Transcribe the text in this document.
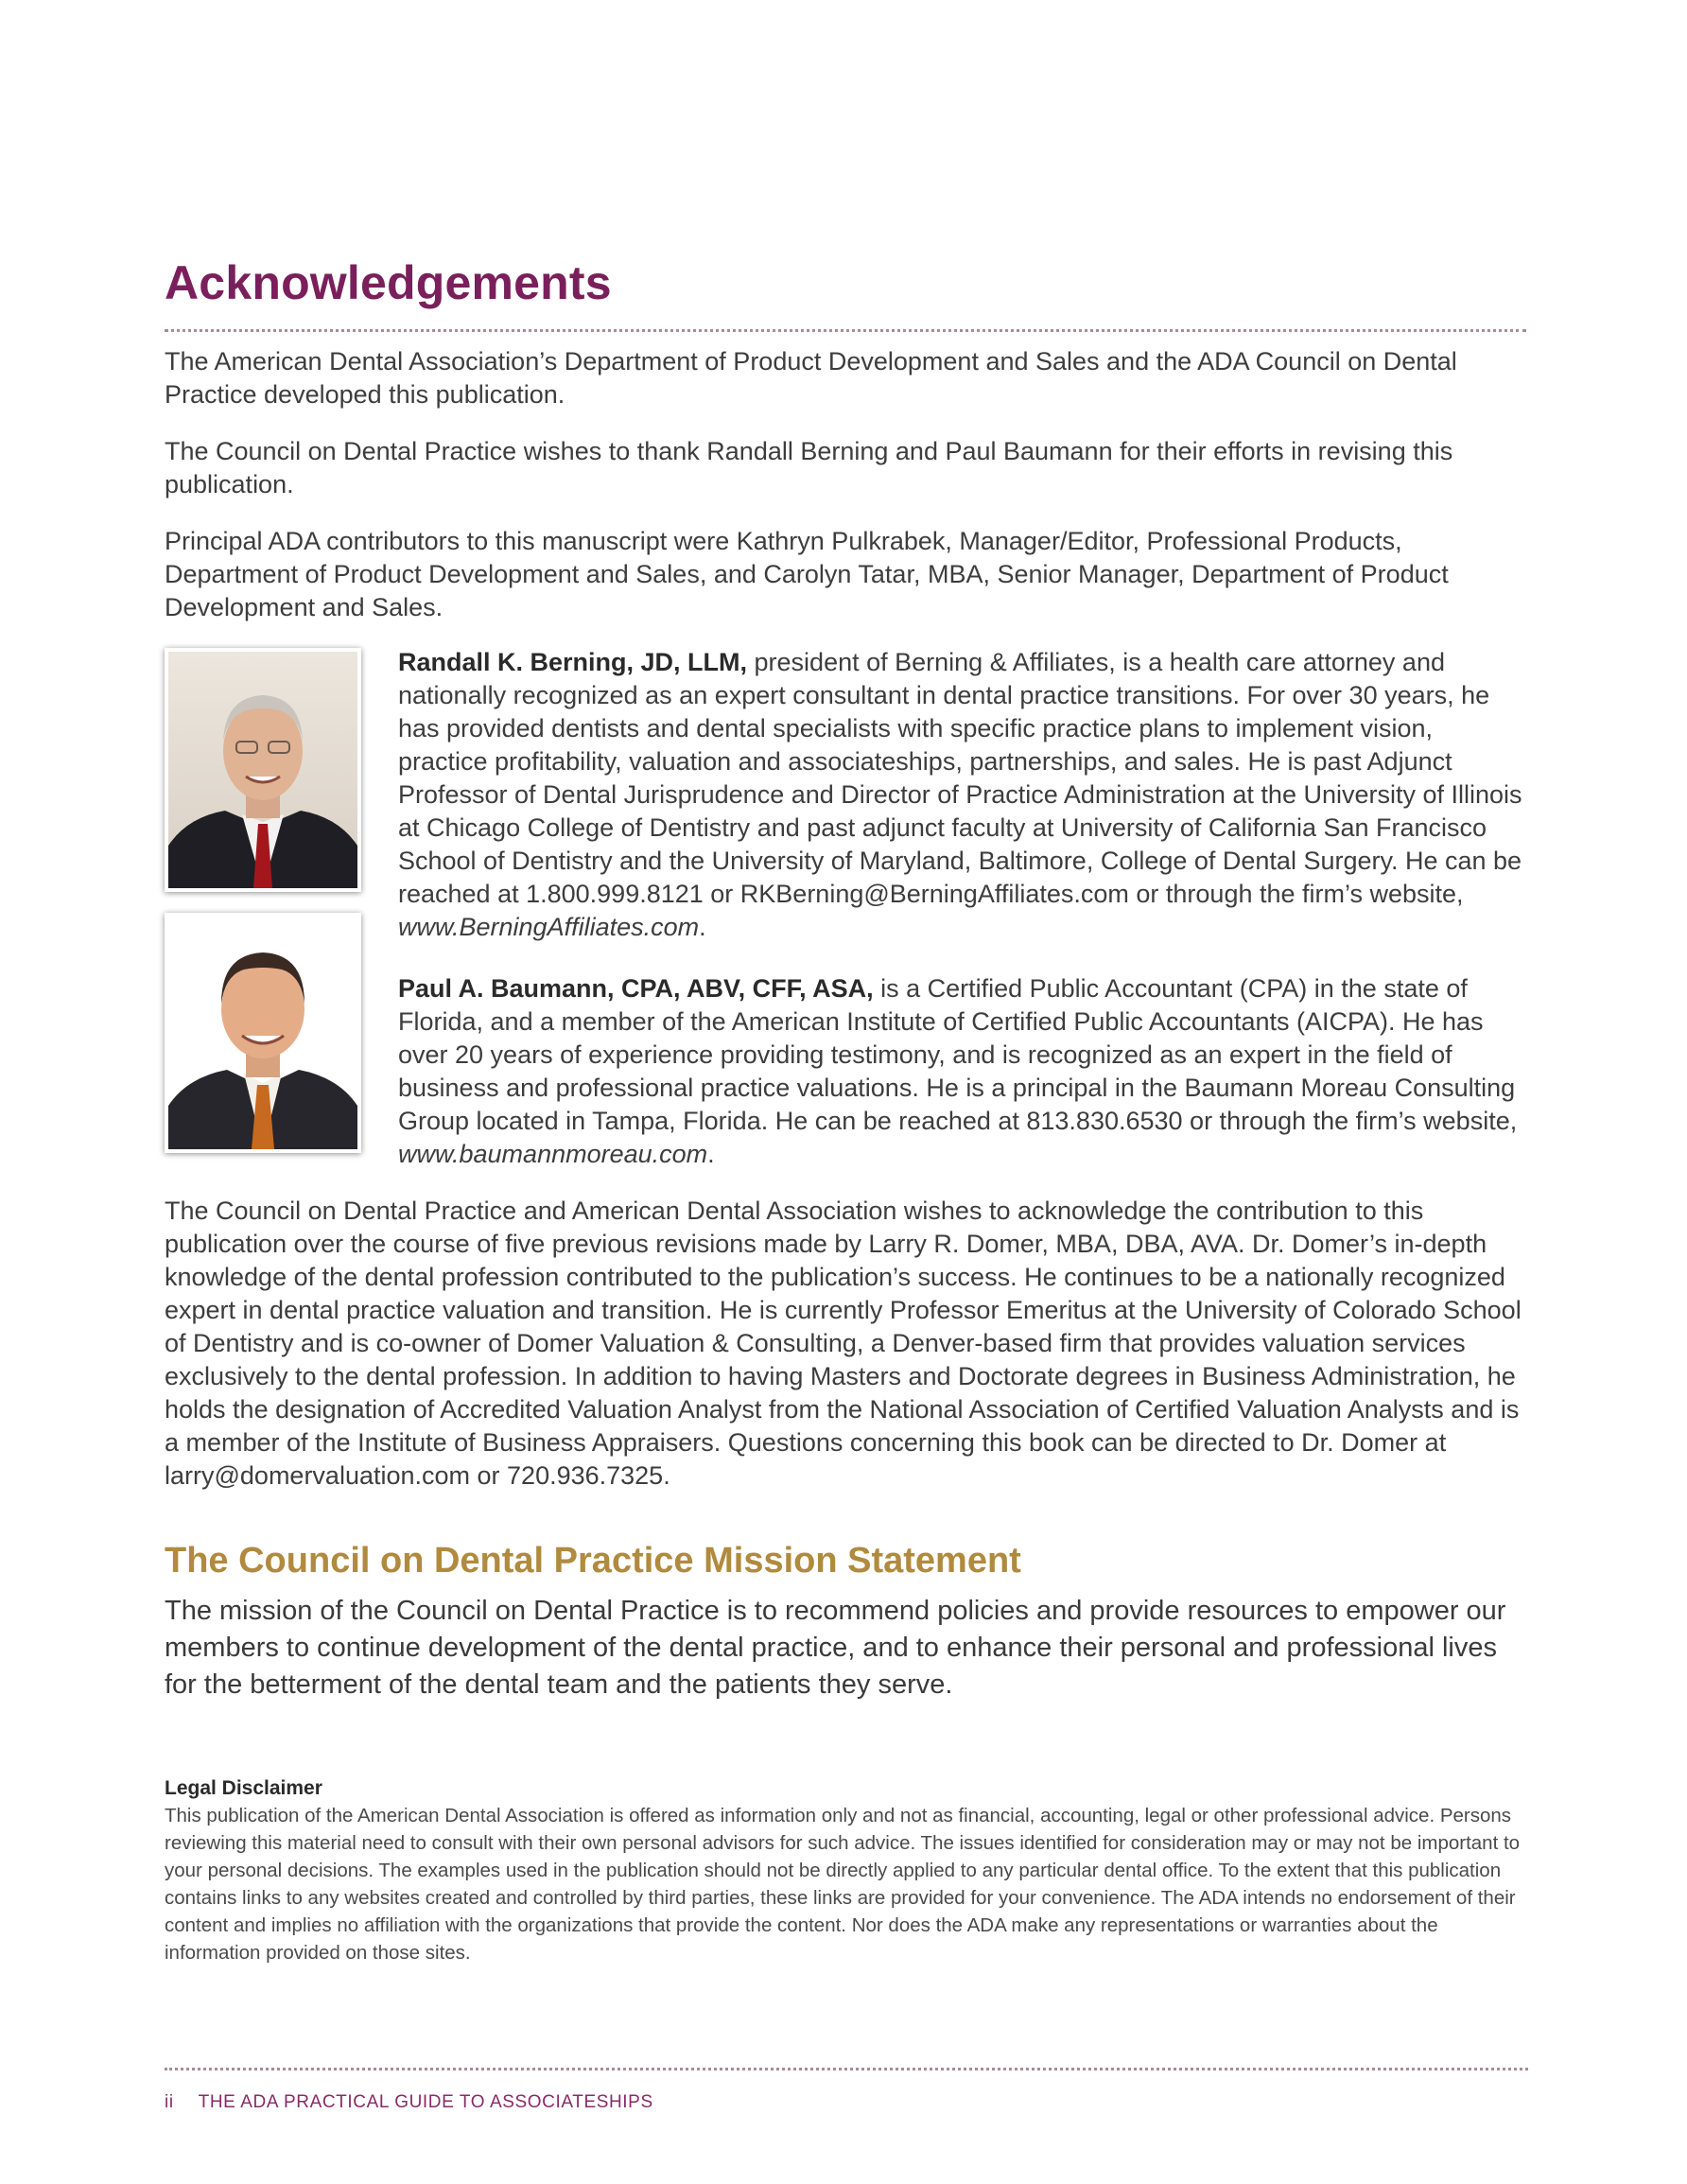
Acknowledgements

The American Dental Association’s Department of Product Development and Sales and the ADA Council on Dental Practice developed this publication.

The Council on Dental Practice wishes to thank Randall Berning and Paul Baumann for their efforts in revising this publication.

Principal ADA contributors to this manuscript were Kathryn Pulkrabek, Manager/Editor, Professional Products, Department of Product Development and Sales, and Carolyn Tatar, MBA, Senior Manager, Department of Product Development and Sales.

Randall K. Berning, JD, LLM, president of Berning & Affiliates, is a health care attorney and nationally recognized as an expert consultant in dental practice transitions. For over 30 years, he has provided dentists and dental specialists with specific practice plans to implement vision, practice profitability, valuation and associateships, partnerships, and sales. He is past Adjunct Professor of Dental Jurisprudence and Director of Practice Administration at the University of Illinois at Chicago College of Dentistry and past adjunct faculty at University of California San Francisco School of Dentistry and the University of Maryland, Baltimore, College of Dental Surgery. He can be reached at 1.800.999.8121 or RKBerning@BerningAffiliates.com or through the firm’s website, www.BerningAffiliates.com.

Paul A. Baumann, CPA, ABV, CFF, ASA, is a Certified Public Accountant (CPA) in the state of Florida, and a member of the American Institute of Certified Public Accountants (AICPA). He has over 20 years of experience providing testimony, and is recognized as an expert in the field of business and professional practice valuations. He is a principal in the Baumann Moreau Consulting Group located in Tampa, Florida. He can be reached at 813.830.6530 or through the firm’s website, www.baumannmoreau.com.

The Council on Dental Practice and American Dental Association wishes to acknowledge the contribution to this publication over the course of five previous revisions made by Larry R. Domer, MBA, DBA, AVA. Dr. Domer’s in-depth knowledge of the dental profession contributed to the publication’s success. He continues to be a nationally recognized expert in dental practice valuation and transition. He is currently Professor Emeritus at the University of Colorado School of Dentistry and is co-owner of Domer Valuation & Consulting, a Denver-based firm that provides valuation services exclusively to the dental profession. In addition to having Masters and Doctorate degrees in Business Administration, he holds the designation of Accredited Valuation Analyst from the National Association of Certified Valuation Analysts and is a member of the Institute of Business Appraisers. Questions concerning this book can be directed to Dr. Domer at larry@domervaluation.com or 720.936.7325.

The Council on Dental Practice Mission Statement

The mission of the Council on Dental Practice is to recommend policies and provide resources to empower our members to continue development of the dental practice, and to enhance their personal and professional lives for the betterment of the dental team and the patients they serve.

Legal Disclaimer

This publication of the American Dental Association is offered as information only and not as financial, accounting, legal or other professional advice. Persons reviewing this material need to consult with their own personal advisors for such advice. The issues identified for consideration may or may not be important to your personal decisions. The examples used in the publication should not be directly applied to any particular dental office. To the extent that this publication contains links to any websites created and controlled by third parties, these links are provided for your convenience. The ADA intends no endorsement of their content and implies no affiliation with the organizations that provide the content. Nor does the ADA make any representations or warranties about the information provided on those sites.

ii THE ADA PRACTICAL GUIDE TO ASSOCIATESHIPS
